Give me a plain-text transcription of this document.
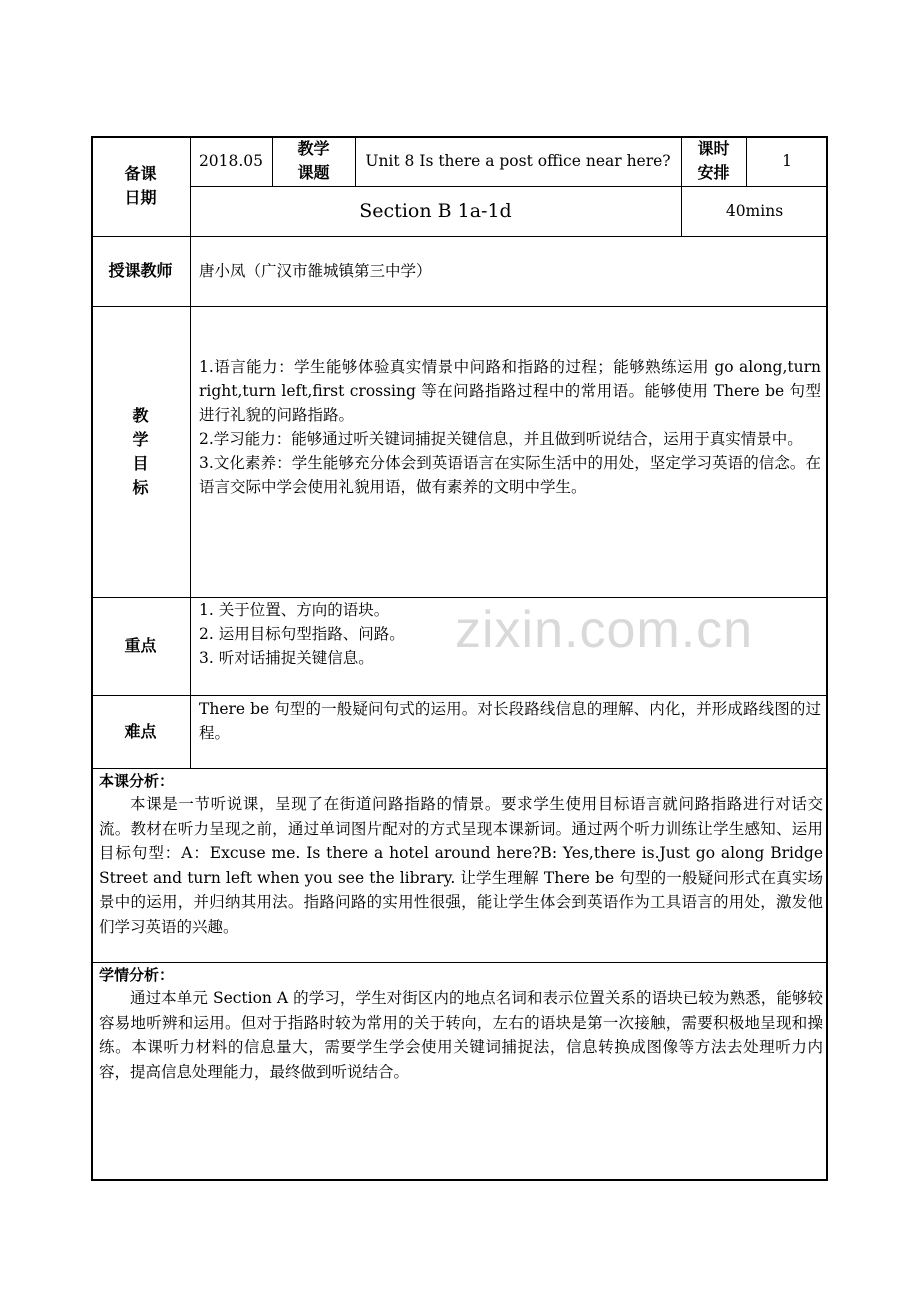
备课
日期
2018.05
教学
课题
Unit 8 Is there a post office near here?
课时
安排
1
Section B 1a-1d	40mins
授课教师	唐小凤（广汉市雒城镇第三中学）
教
学
目
标
1.语言能力：学生能够体验真实情景中问路和指路的过程；能够熟练运用 go along,turn right,turn left,first crossing 等在问路指路过程中的常用语。能够使用 There be 句型进行礼貌的问路指路。
2.学习能力：能够通过听关键词捕捉关键信息，并且做到听说结合，运用于真实情景中。
3.文化素养：学生能够充分体会到英语语言在实际生活中的用处，坚定学习英语的信念。在语言交际中学会使用礼貌用语，做有素养的文明中学生。
重点
1. 关于位置、方向的语块。
2. 运用目标句型指路、问路。
3. 听对话捕捉关键信息。
难点
There be 句型的一般疑问句式的运用。对长段路线信息的理解、内化，并形成路线图的过程。
本课分析：

本课是一节听说课，呈现了在街道问路指路的情景。要求学生使用目标语言就问路指路进行对话交流。教材在听力呈现之前，通过单词图片配对的方式呈现本课新词。通过两个听力训练让学生感知、运用目标句型：A：Excuse me. Is there a hotel around here?B: Yes,there is.Just go along Bridge Street and turn left when you see the library. 让学生理解 There be 句型的一般疑问形式在真实场景中的运用，并归纳其用法。指路问路的实用性很强，能让学生体会到英语作为工具语言的用处，激发他们学习英语的兴趣。

学情分析：

通过本单元 Section A 的学习，学生对街区内的地点名词和表示位置关系的语块已较为熟悉，能够较容易地听辨和运用。但对于指路时较为常用的关于转向，左右的语块是第一次接触，需要积极地呈现和操练。本课听力材料的信息量大，需要学生学会使用关键词捕捉法，信息转换成图像等方法去处理听力内容，提高信息处理能力，最终做到听说结合。

zixin.com.cn
